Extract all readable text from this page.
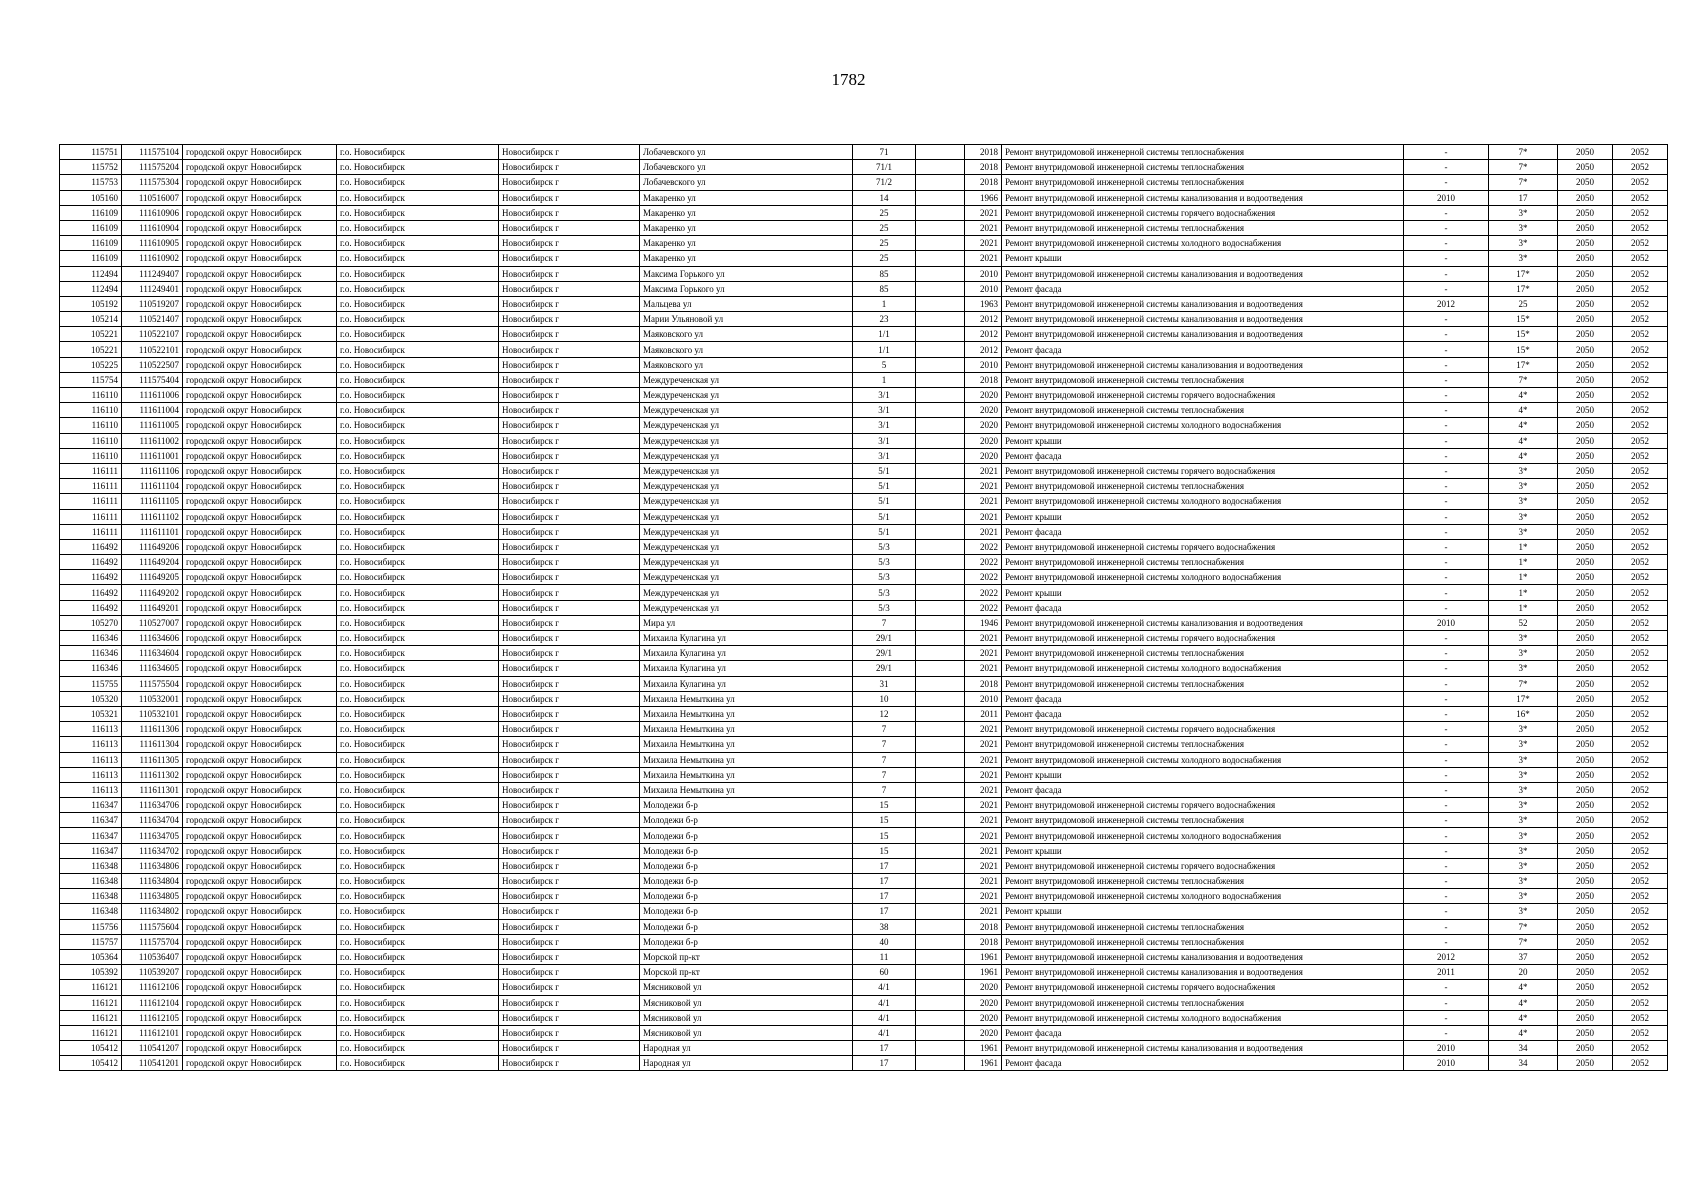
1782
115751	111575104	городской округ Новосибирск	г.о. Новосибирск	Новосибирск г	Лобачевского ул	71		2018	Ремонт внутридомовой инженерной системы теплоснабжения	-	7*	2050	2052
115752	111575204	городской округ Новосибирск	г.о. Новосибирск	Новосибирск г	Лобачевского ул	71/1		2018	Ремонт внутридомовой инженерной системы теплоснабжения	-	7*	2050	2052
115753	111575304	городской округ Новосибирск	г.о. Новосибирск	Новосибирск г	Лобачевского ул	71/2		2018	Ремонт внутридомовой инженерной системы теплоснабжения	-	7*	2050	2052
105160	110516007	городской округ Новосибирск	г.о. Новосибирск	Новосибирск г	Макаренко ул	14		1966	Ремонт внутридомовой инженерной системы канализования и водоотведения	2010	17	2050	2052
116109	111610906	городской округ Новосибирск	г.о. Новосибирск	Новосибирск г	Макаренко ул	25		2021	Ремонт внутридомовой инженерной системы горячего водоснабжения	-	3*	2050	2052
116109	111610904	городской округ Новосибирск	г.о. Новосибирск	Новосибирск г	Макаренко ул	25		2021	Ремонт внутридомовой инженерной системы теплоснабжения	-	3*	2050	2052
116109	111610905	городской округ Новосибирск	г.о. Новосибирск	Новосибирск г	Макаренко ул	25		2021	Ремонт внутридомовой инженерной системы холодного водоснабжения	-	3*	2050	2052
116109	111610902	городской округ Новосибирск	г.о. Новосибирск	Новосибирск г	Макаренко ул	25		2021	Ремонт крыши	-	3*	2050	2052
112494	111249407	городской округ Новосибирск	г.о. Новосибирск	Новосибирск г	Максима Горького ул	85		2010	Ремонт внутридомовой инженерной системы канализования и водоотведения	-	17*	2050	2052
112494	111249401	городской округ Новосибирск	г.о. Новосибирск	Новосибирск г	Максима Горького ул	85		2010	Ремонт фасада	-	17*	2050	2052
105192	110519207	городской округ Новосибирск	г.о. Новосибирск	Новосибирск г	Мальцева ул	1		1963	Ремонт внутридомовой инженерной системы канализования и водоотведения	2012	25	2050	2052
105214	110521407	городской округ Новосибирск	г.о. Новосибирск	Новосибирск г	Марии Ульяновой ул	23		2012	Ремонт внутридомовой инженерной системы канализования и водоотведения	-	15*	2050	2052
105221	110522107	городской округ Новосибирск	г.о. Новосибирск	Новосибирск г	Маяковского ул	1/1		2012	Ремонт внутридомовой инженерной системы канализования и водоотведения	-	15*	2050	2052
105221	110522101	городской округ Новосибирск	г.о. Новосибирск	Новосибирск г	Маяковского ул	1/1		2012	Ремонт фасада	-	15*	2050	2052
105225	110522507	городской округ Новосибирск	г.о. Новосибирск	Новосибирск г	Маяковского ул	5		2010	Ремонт внутридомовой инженерной системы канализования и водоотведения	-	17*	2050	2052
115754	111575404	городской округ Новосибирск	г.о. Новосибирск	Новосибирск г	Междуреченская ул	1		2018	Ремонт внутридомовой инженерной системы теплоснабжения	-	7*	2050	2052
116110	111611006	городской округ Новосибирск	г.о. Новосибирск	Новосибирск г	Междуреченская ул	3/1		2020	Ремонт внутридомовой инженерной системы горячего водоснабжения	-	4*	2050	2052
116110	111611004	городской округ Новосибирск	г.о. Новосибирск	Новосибирск г	Междуреченская ул	3/1		2020	Ремонт внутридомовой инженерной системы теплоснабжения	-	4*	2050	2052
116110	111611005	городской округ Новосибирск	г.о. Новосибирск	Новосибирск г	Междуреченская ул	3/1		2020	Ремонт внутридомовой инженерной системы холодного водоснабжения	-	4*	2050	2052
116110	111611002	городской округ Новосибирск	г.о. Новосибирск	Новосибирск г	Междуреченская ул	3/1		2020	Ремонт крыши	-	4*	2050	2052
116110	111611001	городской округ Новосибирск	г.о. Новосибирск	Новосибирск г	Междуреченская ул	3/1		2020	Ремонт фасада	-	4*	2050	2052
116111	111611106	городской округ Новосибирск	г.о. Новосибирск	Новосибирск г	Междуреченская ул	5/1		2021	Ремонт внутридомовой инженерной системы горячего водоснабжения	-	3*	2050	2052
116111	111611104	городской округ Новосибирск	г.о. Новосибирск	Новосибирск г	Междуреченская ул	5/1		2021	Ремонт внутридомовой инженерной системы теплоснабжения	-	3*	2050	2052
116111	111611105	городской округ Новосибирск	г.о. Новосибирск	Новосибирск г	Междуреченская ул	5/1		2021	Ремонт внутридомовой инженерной системы холодного водоснабжения	-	3*	2050	2052
116111	111611102	городской округ Новосибирск	г.о. Новосибирск	Новосибирск г	Междуреченская ул	5/1		2021	Ремонт крыши	-	3*	2050	2052
116111	111611101	городской округ Новосибирск	г.о. Новосибирск	Новосибирск г	Междуреченская ул	5/1		2021	Ремонт фасада	-	3*	2050	2052
116492	111649206	городской округ Новосибирск	г.о. Новосибирск	Новосибирск г	Междуреченская ул	5/3		2022	Ремонт внутридомовой инженерной системы горячего водоснабжения	-	1*	2050	2052
116492	111649204	городской округ Новосибирск	г.о. Новосибирск	Новосибирск г	Междуреченская ул	5/3		2022	Ремонт внутридомовой инженерной системы теплоснабжения	-	1*	2050	2052
116492	111649205	городской округ Новосибирск	г.о. Новосибирск	Новосибирск г	Междуреченская ул	5/3		2022	Ремонт внутридомовой инженерной системы холодного водоснабжения	-	1*	2050	2052
116492	111649202	городской округ Новосибирск	г.о. Новосибирск	Новосибирск г	Междуреченская ул	5/3		2022	Ремонт крыши	-	1*	2050	2052
116492	111649201	городской округ Новосибирск	г.о. Новосибирск	Новосибирск г	Междуреченская ул	5/3		2022	Ремонт фасада	-	1*	2050	2052
105270	110527007	городской округ Новосибирск	г.о. Новосибирск	Новосибирск г	Мира ул	7		1946	Ремонт внутридомовой инженерной системы канализования и водоотведения	2010	52	2050	2052
116346	111634606	городской округ Новосибирск	г.о. Новосибирск	Новосибирск г	Михаила Кулагина ул	29/1		2021	Ремонт внутридомовой инженерной системы горячего водоснабжения	-	3*	2050	2052
116346	111634604	городской округ Новосибирск	г.о. Новосибирск	Новосибирск г	Михаила Кулагина ул	29/1		2021	Ремонт внутридомовой инженерной системы теплоснабжения	-	3*	2050	2052
116346	111634605	городской округ Новосибирск	г.о. Новосибирск	Новосибирск г	Михаила Кулагина ул	29/1		2021	Ремонт внутридомовой инженерной системы холодного водоснабжения	-	3*	2050	2052
115755	111575504	городской округ Новосибирск	г.о. Новосибирск	Новосибирск г	Михаила Кулагина ул	31		2018	Ремонт внутридомовой инженерной системы теплоснабжения	-	7*	2050	2052
105320	110532001	городской округ Новосибирск	г.о. Новосибирск	Новосибирск г	Михаила Немыткина ул	10		2010	Ремонт фасада	-	17*	2050	2052
105321	110532101	городской округ Новосибирск	г.о. Новосибирск	Новосибирск г	Михаила Немыткина ул	12		2011	Ремонт фасада	-	16*	2050	2052
116113	111611306	городской округ Новосибирск	г.о. Новосибирск	Новосибирск г	Михаила Немыткина ул	7		2021	Ремонт внутридомовой инженерной системы горячего водоснабжения	-	3*	2050	2052
116113	111611304	городской округ Новосибирск	г.о. Новосибирск	Новосибирск г	Михаила Немыткина ул	7		2021	Ремонт внутридомовой инженерной системы теплоснабжения	-	3*	2050	2052
116113	111611305	городской округ Новосибирск	г.о. Новосибирск	Новосибирск г	Михаила Немыткина ул	7		2021	Ремонт внутридомовой инженерной системы холодного водоснабжения	-	3*	2050	2052
116113	111611302	городской округ Новосибирск	г.о. Новосибирск	Новосибирск г	Михаила Немыткина ул	7		2021	Ремонт крыши	-	3*	2050	2052
116113	111611301	городской округ Новосибирск	г.о. Новосибирск	Новосибирск г	Михаила Немыткина ул	7		2021	Ремонт фасада	-	3*	2050	2052
116347	111634706	городской округ Новосибирск	г.о. Новосибирск	Новосибирск г	Молодежи б-р	15		2021	Ремонт внутридомовой инженерной системы горячего водоснабжения	-	3*	2050	2052
116347	111634704	городской округ Новосибирск	г.о. Новосибирск	Новосибирск г	Молодежи б-р	15		2021	Ремонт внутридомовой инженерной системы теплоснабжения	-	3*	2050	2052
116347	111634705	городской округ Новосибирск	г.о. Новосибирск	Новосибирск г	Молодежи б-р	15		2021	Ремонт внутридомовой инженерной системы холодного водоснабжения	-	3*	2050	2052
116347	111634702	городской округ Новосибирск	г.о. Новосибирск	Новосибирск г	Молодежи б-р	15		2021	Ремонт крыши	-	3*	2050	2052
116348	111634806	городской округ Новосибирск	г.о. Новосибирск	Новосибирск г	Молодежи б-р	17		2021	Ремонт внутридомовой инженерной системы горячего водоснабжения	-	3*	2050	2052
116348	111634804	городской округ Новосибирск	г.о. Новосибирск	Новосибирск г	Молодежи б-р	17		2021	Ремонт внутридомовой инженерной системы теплоснабжения	-	3*	2050	2052
116348	111634805	городской округ Новосибирск	г.о. Новосибирск	Новосибирск г	Молодежи б-р	17		2021	Ремонт внутридомовой инженерной системы холодного водоснабжения	-	3*	2050	2052
116348	111634802	городской округ Новосибирск	г.о. Новосибирск	Новосибирск г	Молодежи б-р	17		2021	Ремонт крыши	-	3*	2050	2052
115756	111575604	городской округ Новосибирск	г.о. Новосибирск	Новосибирск г	Молодежи б-р	38		2018	Ремонт внутридомовой инженерной системы теплоснабжения	-	7*	2050	2052
115757	111575704	городской округ Новосибирск	г.о. Новосибирск	Новосибирск г	Молодежи б-р	40		2018	Ремонт внутридомовой инженерной системы теплоснабжения	-	7*	2050	2052
105364	110536407	городской округ Новосибирск	г.о. Новосибирск	Новосибирск г	Морской пр-кт	11		1961	Ремонт внутридомовой инженерной системы канализования и водоотведения	2012	37	2050	2052
105392	110539207	городской округ Новосибирск	г.о. Новосибирск	Новосибирск г	Морской пр-кт	60		1961	Ремонт внутридомовой инженерной системы канализования и водоотведения	2011	20	2050	2052
116121	111612106	городской округ Новосибирск	г.о. Новосибирск	Новосибирск г	Мясниковой ул	4/1		2020	Ремонт внутридомовой инженерной системы горячего водоснабжения	-	4*	2050	2052
116121	111612104	городской округ Новосибирск	г.о. Новосибирск	Новосибирск г	Мясниковой ул	4/1		2020	Ремонт внутридомовой инженерной системы теплоснабжения	-	4*	2050	2052
116121	111612105	городской округ Новосибирск	г.о. Новосибирск	Новосибирск г	Мясниковой ул	4/1		2020	Ремонт внутридомовой инженерной системы холодного водоснабжения	-	4*	2050	2052
116121	111612101	городской округ Новосибирск	г.о. Новосибирск	Новосибирск г	Мясниковой ул	4/1		2020	Ремонт фасада	-	4*	2050	2052
105412	110541207	городской округ Новосибирск	г.о. Новосибирск	Новосибирск г	Народная ул	17		1961	Ремонт внутридомовой инженерной системы канализования и водоотведения	2010	34	2050	2052
105412	110541201	городской округ Новосибирск	г.о. Новосибирск	Новосибирск г	Народная ул	17		1961	Ремонт фасада	2010	34	2050	2052
